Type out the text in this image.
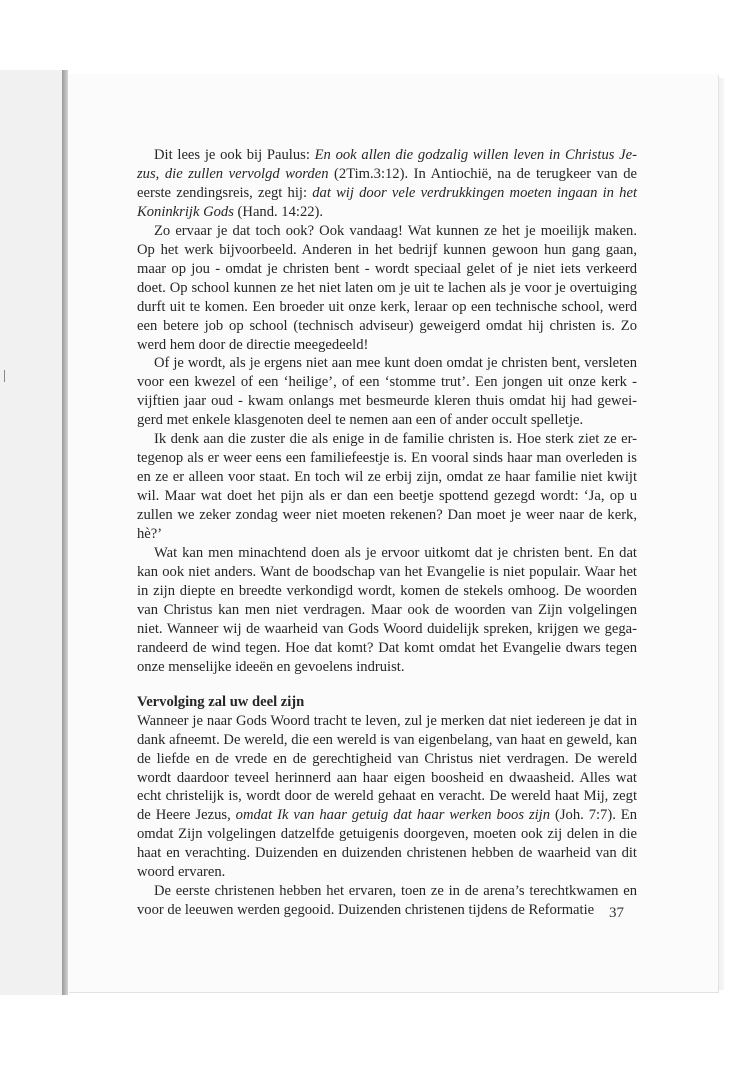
Dit lees je ook bij Paulus: En ook allen die godzalig willen leven in Christus Je-zus, die zullen vervolgd worden (2Tim.3:12). In Antiochië, na de terugkeer van de eerste zendingsreis, zegt hij: dat wij door vele verdrukkingen moeten ingaan in het Koninkrijk Gods (Hand. 14:22).

Zo ervaar je dat toch ook? Ook vandaag! Wat kunnen ze het je moeilijk maken. Op het werk bijvoorbeeld. Anderen in het bedrijf kunnen gewoon hun gang gaan, maar op jou - omdat je christen bent - wordt speciaal gelet of je niet iets verkeerd doet. Op school kunnen ze het niet laten om je uit te lachen als je voor je overtuiging durft uit te komen. Een broeder uit onze kerk, leraar op een technische school, werd een betere job op school (technisch adviseur) geweigerd omdat hij christen is. Zo werd hem door de directie meegedeeld!

Of je wordt, als je ergens niet aan mee kunt doen omdat je christen bent, versleten voor een kwezel of een ‘heilige’, of een ‘stomme trut’. Een jongen uit onze kerk - vijftien jaar oud - kwam onlangs met besmeurde kleren thuis omdat hij had gewei-gerd met enkele klasgenoten deel te nemen aan een of ander occult spelletje.

Ik denk aan die zuster die als enige in de familie christen is. Hoe sterk ziet ze er-tegenop als er weer eens een familiefeestje is. En vooral sinds haar man overleden is en ze er alleen voor staat. En toch wil ze erbij zijn, omdat ze haar familie niet kwijt wil. Maar wat doet het pijn als er dan een beetje spottend gezegd wordt: ‘Ja, op u zullen we zeker zondag weer niet moeten rekenen? Dan moet je weer naar de kerk, hè?’

Wat kan men minachtend doen als je ervoor uitkomt dat je christen bent. En dat kan ook niet anders. Want de boodschap van het Evangelie is niet populair. Waar het in zijn diepte en breedte verkondigd wordt, komen de stekels omhoog. De woorden van Christus kan men niet verdragen. Maar ook de woorden van Zijn volgelingen niet. Wanneer wij de waarheid van Gods Woord duidelijk spreken, krijgen we gega-randeerd de wind tegen. Hoe dat komt? Dat komt omdat het Evangelie dwars tegen onze menselijke ideeën en gevoelens indruist.

Vervolging zal uw deel zijn

Wanneer je naar Gods Woord tracht te leven, zul je merken dat niet iedereen je dat in dank afneemt. De wereld, die een wereld is van eigenbelang, van haat en geweld, kan de liefde en de vrede en de gerechtigheid van Christus niet verdragen. De wereld wordt daardoor teveel herinnerd aan haar eigen boosheid en dwaasheid. Alles wat echt christelijk is, wordt door de wereld gehaat en veracht. De wereld haat Mij, zegt de Heere Jezus, omdat Ik van haar getuig dat haar werken boos zijn (Joh. 7:7). En omdat Zijn volgelingen datzelfde getuigenis doorgeven, moeten ook zij delen in die haat en verachting. Duizenden en duizenden christenen hebben de waarheid van dit woord ervaren.

De eerste christenen hebben het ervaren, toen ze in de arena’s terechtkwamen en voor de leeuwen werden gegooid. Duizenden christenen tijdens de Reformatie 37
